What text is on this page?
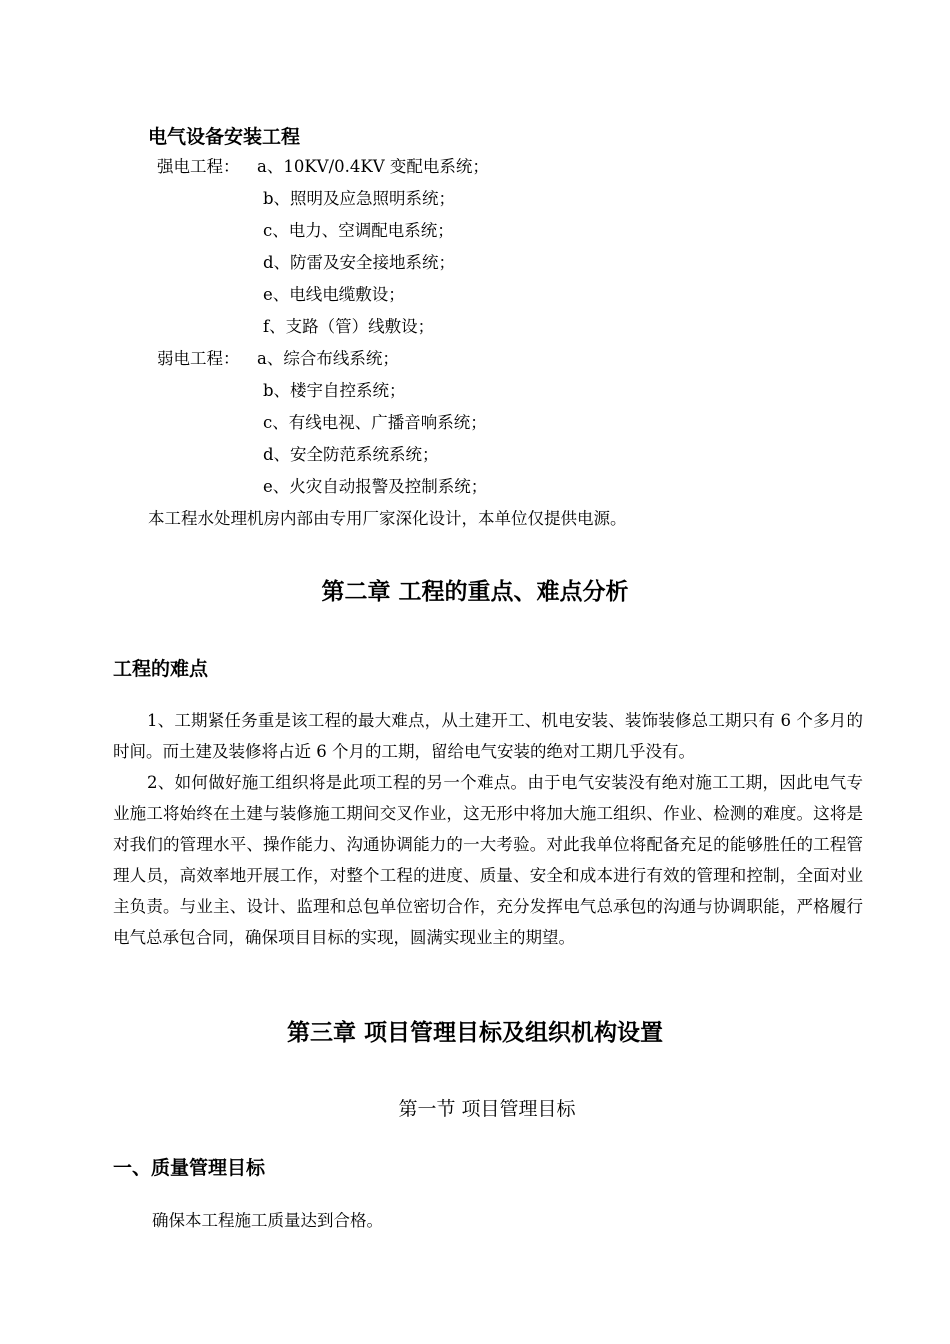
电气设备安装工程
强电工程： a、10KV/0.4KV 变配电系统；
b、照明及应急照明系统；
c、电力、空调配电系统；
d、防雷及安全接地系统；
e、电线电缆敷设；
f、支路（管）线敷设；
弱电工程： a、综合布线系统；
b、楼宇自控系统；
c、有线电视、广播音响系统；
d、安全防范系统系统；
e、火灾自动报警及控制系统；
本工程水处理机房内部由专用厂家深化设计，本单位仅提供电源。
第二章 工程的重点、难点分析
工程的难点
1、工期紧任务重是该工程的最大难点，从土建开工、机电安装、装饰装修总工期只有 6 个多月的时间。而土建及装修将占近 6 个月的工期，留给电气安装的绝对工期几乎没有。
2、如何做好施工组织将是此项工程的另一个难点。由于电气安装没有绝对施工工期，因此电气专业施工将始终在土建与装修施工期间交叉作业，这无形中将加大施工组织、作业、检测的难度。这将是对我们的管理水平、操作能力、沟通协调能力的一大考验。对此我单位将配备充足的能够胜任的工程管理人员，高效率地开展工作，对整个工程的进度、质量、安全和成本进行有效的管理和控制，全面对业主负责。与业主、设计、监理和总包单位密切合作，充分发挥电气总承包的沟通与协调职能，严格履行电气总承包合同，确保项目目标的实现，圆满实现业主的期望。
第三章 项目管理目标及组织机构设置
第一节 项目管理目标
一、质量管理目标
确保本工程施工质量达到合格。
